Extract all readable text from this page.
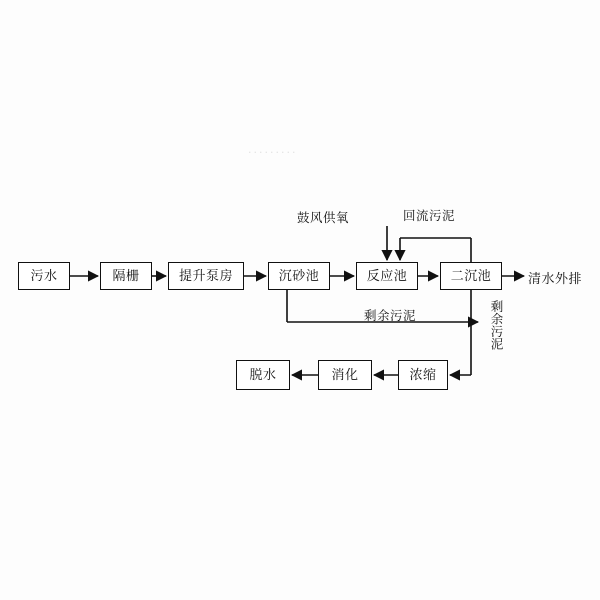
·········
污水	隔栅	提升泵房	沉砂池	反应池	二沉池
浓缩
消化
脱水
鼓风供氧	回流污泥
剩余污泥	剩余污泥
清水外排
